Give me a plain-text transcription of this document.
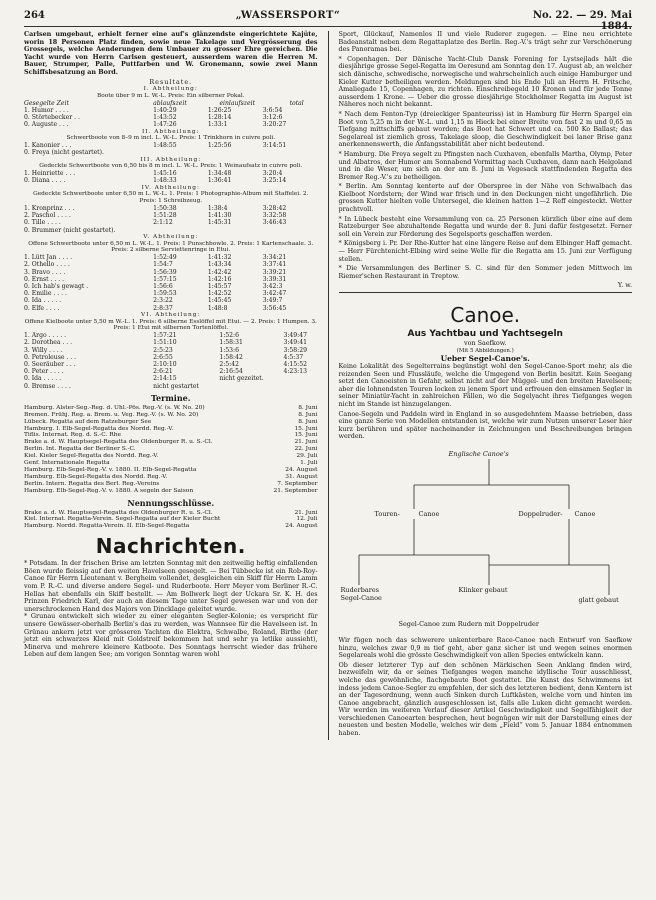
264	„WASSERSPORT“	No. 22. — 29. Mai 1884.

Carlsen umgebaut, erhielt ferner eine auf's glänzendste eingerichtete Kajüte, worin 18 Personen Platz finden, sowie neue Takelage und Vergrösserung des Grossegels, welche Aenderungen dem Umbauer zu grosser Ehre gereichen. Die Yacht wurde von Herrn Carlsen gesteuert, ausserdem waren die Herren M. Bauer, Strumper, Palle, Puttfarben und W. Gronemann, sowie zwei Mann Schiffsbesatzung an Bord.

Resultate.
I. Abtheilung:
Boote über 9 m L. W.-L. Preis: Ein silberner Pokal.
Gesegelte Zeit	ablaufszeit	einlaufszeit	total
1. Humor . . . .	1:40:29	1:26:25	3:6:54
0. Störtebecker . .	1:43:52	1:28:14	3:12:6
0. Auguste . . .	1:47:26	1:33:1	3:20:27
II. Abtheilung:
Schwertboote von 8–9 m incl. L. W.-L. Preis: 1 Trinkhorn in cuivre poli.
1. Kanonier . . .	1:48:55	1:25:56	3:14:51
0. Freya (nicht gestartet).			
III. Abtheilung:
Gedeckte Schwertboote von 6,50 bis 8 m incl. L. W.-L. Preis: 1 Weinaufsatz in cuivre poli.
1. Heinriette . . .	1:45:16	1:34:48	3:20:4
0. Diana . . . .	1:48:33	1:36:41	3:25:14
IV. Abtheilung:
Gedeckte Schwertboote unter 6,50 m L. W.-L. 1. Preis: 1 Photographie-Album mit Staffelei. 2. Preis: 1 Schreibzeug.
1. Kronprinz . . .	1:50:38	1:38:4	3:28:42
2. Paschol . . . .	1:51:28	1:41:30	3:32:58
0. Tille . . . .	2:1:12	1:45:31	3:46:43
0. Brummer (nicht gestartet).			
V. Abtheilung:
Offene Schwertboote unter 6,50 m L. W.-L. 1. Preis: 1 Punschbowle. 2. Preis: 1 Kartenschaale. 3. Preis: 2 silberne Serviettenringe in Etui.
1. Lütt Jan . . . .	1:52:49	1:41:32	3:34:21
2. Othello . . . .	1:54:7	1:43:34	3:37:41
3. Bravo . . . .	1:56:39	1:42:42	3:39:21
0. Ernst . . . .	1:57:15	1:42:16	3:39:31
0. Ich hab's gewagt .	1:56:6	1:45:57	3:42:3
0. Emilie . . . .	1:59:53	1:42:52	3:42:47
0. Ida . . . . .	2:3:22	1:45:45	3:49:7
0. Elfe . . . .	2:8:37	1:48:8	3:56:45
VI. Abtheilung:
Offene Kielboote unter 5,50 m W.-L. 1. Preis: 6 silberne Esslöffel mit Etui. — 2. Preis: 1 Humpen. 3. Preis: 1 Etui mit silbernen Tortenlöffel.
1. Argo . . . . .	1:57:21	1:52:6	3:49:47
2. Dorothea . . .	1:51:10	1:58:31	3:49:41
3. Willy . . . .	2:5:23	1:53:6	3:58:29
0. Petroleuse . . .	2:6:55	1:58:42	4:5:37
0. Seeräuber . . .	2:10:10	2:5:42	4:15:52
0. Peter . . . .	2:6:21	2:16:54	4:23:13
0. Ida . . . . .	2:14:15	nicht gezeitet.	
0. Bremse . . . .	nicht gestartet		
Termine.
Hamburg. Alster-Seg.-Reg. d. Uhl.-Pös. Reg.-V. (s. W. No. 20)	8. Juni
Bremen. Frühj. Reg. a. Brem. u. Veg. Reg.-V. (s. W. No. 20)	8. Juni
Lübeck. Regatta auf dem Ratzeburger See	8. Juni
Hamburg. I. Elb-Segel-Regatta des Nordd. Reg.-V.	15. Juni
Tiflis. Internat. Reg. d. S.-C. Rhe	15. Juni
Brake a. d. W. Hauptsegel-Regatta des Oldenburger R. u. S.-Cl.	21. Juni
Berlin. Int. Regatta der Berliner S.-C.	22. Juni
Kiel. Kieler Segel-Regatta des Nordd. Reg.-V.	29. Juli
Genf. Internationale Regatta	1. Juli
Hamburg. Elb-Segel-Reg.-V. v. 1880. II. Elb-Segel-Regatta	24. August
Hamburg. Elb-Segel-Regatta des Nordd. Reg.-V.	31. August
Berlin. Intern. Regatta des Berl. Reg.-Vereins	7. September
Hamburg. Elb-Segel-Reg.-V. v. 1880. A segeln der Saison	21. September
Nennungsschlüsse.
Brake a. d. W. Hauptsegel-Regatta des Oldenburger R. u. S.-Cl.	21. Juni
Kiel. Internat. Regatta-Verein. Segel-Regatta auf der Kieler Bucht	12. Juli
Hamburg. Nordd. Regatta-Verein. II. Elb-Segel-Regatta	24. August
Nachrichten.

* Potsdam. In der frischen Brise am letzten Sonntag mit den zeitweilig heftig einfallenden Böen wurde fleissig auf den weiten Havelseen gesegelt. — Bei Tübbecke ist ein Rob-Roy-Canoe für Herrn Lieutenant v. Bergheim vollendet, desgleichen ein Skiff für Herrn Lamm vom P. R.-C. und diverse andere Segel- und Ruderboote. Herr Meyer vom Berliner R.-C. Hellas hat ebenfalls ein Skiff bestellt. — Am Bollwerk liegt der Uckara Sr. K. H. des Prinzen Friedrich Karl, der auch an diesem Tage unter Segel gewesen war und von der unerschrockenen Hand des Majors von Dincklage geleitet wurde.
* Grunau entwickelt sich wieder zu einer eleganten Segler-Kolonie; es verspricht für unsere Gewässer-oberhalb Berlin's das zu werden, was Wannsee für die Havelseen ist. In Grünau ankern jetzt vor grösseren Yachten die Elektra, Schwalbe, Roland, Birthe (der jetzt ein schwarzes Kleid mit Goldstreif bekommen hat und sehr ya letlike aussieht), Minerva und mehrere kleinere Katboote. Des Sonntags herrscht wieder das frühere Leben auf dem langen See; am vorigen Sonntag waren wohl

Sport, Glückauf, Namenlos II und viele Ruderer zugegen. — Eine neu errichtete Badeanstalt neben dem Regattaplatze des Berlin. Reg.-V.'s trägt sehr zur Verschönerung des Panoramas bei.

* Copenhagen. Der Dänische Yacht-Club Dansk Forening for Lystsejlads hält die diesjährige grosse Segel-Regatta im Oeresund am Sonntag den 17. August ab, an welcher sich dänische, schwedische, norwegische und wahrscheinlich auch einige Hamburger und Kieler Kutter betheiligen werden. Meldungen sind bis Ende Juli an Herrn H. Fritsche, Amaliegade 15, Copenhagen, zu richten. Einschreibegeld 10 Kronen und für jede Tonne ausserdem 1 Krone. — Ueber die grosse diesjährige Stockholmer Regatta im August ist Näheres noch nicht bekannt.

* Nach dem Fenton-Typ (dreieckiger Spanteuriss) ist in Hamburg für Herrn Spargel ein Boot von 5,25 m in der W.-L. und 1,15 m Hieck bei einer Breite von fast 2 m und 0,65 m Tiefgang mittschiffs gebaut worden; das Boot hat Schwert und ca. 500 Ko Ballast; das Segelareal ist ziemlich gross, Takelage sloop, die Geschwindigkeit bei laner Brise ganz anerkennenswerth, die Anfangsstabilität aber nicht bedeutend.

* Hamburg. Die Freya segelt zu Pfingsten nach Cuxhaven, ebenfalls Martha, Olymp, Peter und Albatros, der Humor am Sonnabend Vormittag nach Cuxhaven, dann nach Helgoland und in die Weser, um sich an der am 8. Juni in Vegesack stattfindenden Regatta des Bremer Reg.-V.'s zu betheiligen.

* Berlin. Am Sonntag kenterte auf der Oberspree in der Nähe von Schwalbach das Kielboot Nordstern; der Wind war frisch und in den Deckungen nicht ungefährlich. Die grossen Kutter hielten volle Untersegel, die kleinen hatten 1—2 Reff eingesteckt. Wetter prachtvoll.

* In Lübeck besteht eine Versammlung von ca. 25 Personen kürzlich über eine auf dem Ratzeburger See abzuhaltende Regatta und wurde der 8. Juni dafür festgesetzt. Ferner soll ein Verein zur Förderung des Segelsports geschaffen werden.

* Königsberg i. Pr. Der Rhe-Kutter hat eine längere Reise auf dem Elbinger Haff gemacht. — Herr Fürchtenicht-Elbing wird seine Welle für die Regatta am 15. Juni zur Verfügung stellen.

* Die Versammlungen des Berliner S. C. sind für den Sommer jeden Mittwoch im Riemer'schen Restaurant in Treptow.

Y. w.
Canoe.
Aus Yachtbau und Yachtsegeln
von Saefkow.
(Mit 5 Abbildungen.)
Ueber Segel-Canoe's.

Keine Lokalität des Segelterrains begünstigt wohl den Segel-Canoe-Sport mehr, als die reizenden Seen und Flussläufe, welche die Umgegend von Berlin besitzt. Kein Seegang setzt den Canoeisten in Gefahr, selbst nicht auf der Müggel- und den breiten Havelseen; aber die lohnendsten Touren locken zu jenem Sport und erfreuen den einsamen Segler in seiner Miniatür-Yacht in zahlreichen Fällen, wo die Segelyacht ihres Tiefganges wegen nicht im Stande ist hinzugelangen.

Canoe-Segeln und Paddeln wird in England in so ausgedehntem Maasse betrieben, dass eine ganze Serie von Modellen entstanden ist, welche wir zum Nutzen unserer Leser hier kurz berühren und später nacheinander in Zeichnungen und Beschreibungen bringen werden.

Englische Canoe's
Touren-	Canoe	Doppelruder- Canoe
Ruderbares
Segel-Canoe
Klinker gebaut
glatt gebaut
Segel-Canoe zum Rudern mit Doppelruder

Wir fügen noch das schwerere unkenterbare Race-Canoe nach Entwurf von Saefkow hinzu, welches zwar 0,9 m tief geht, aber ganz sicher ist und wegen seines enormen Segelareals wohl die grösste Geschwindigkeit von allen Species entwickeln kann.

Ob dieser letzterer Typ auf den schönen Märkischen Seen Anklang finden wird, bezweifeln wir, da er seines Tiefganges wegen manche idyllische Tour ausschliesst, welche das gewöhnliche, flachgebaute Boot gestattet. Die Kunst des Schwimmens ist indess jedem Canoe-Segler zu empfehlen, der sich des letzteren bedient, denn Kentern ist an der Tagesordnung, wenn auch Sinken durch Luftkästen, welche vorn und hinten im Canoe angebracht, gänzlich ausgeschlossen ist, falls alle Luken dicht gemacht werden. Wir werden im weiteren Verlauf dieser Artikel Geschwindigkeit und Segelfähigkeit der verschiedenen Canoearten besprechen, heut begnügen wir mit der Darstellung eines der neuesten und besten Modelle, welches wir dem „Field“ vom 5. Januar 1884 entnommen haben.
